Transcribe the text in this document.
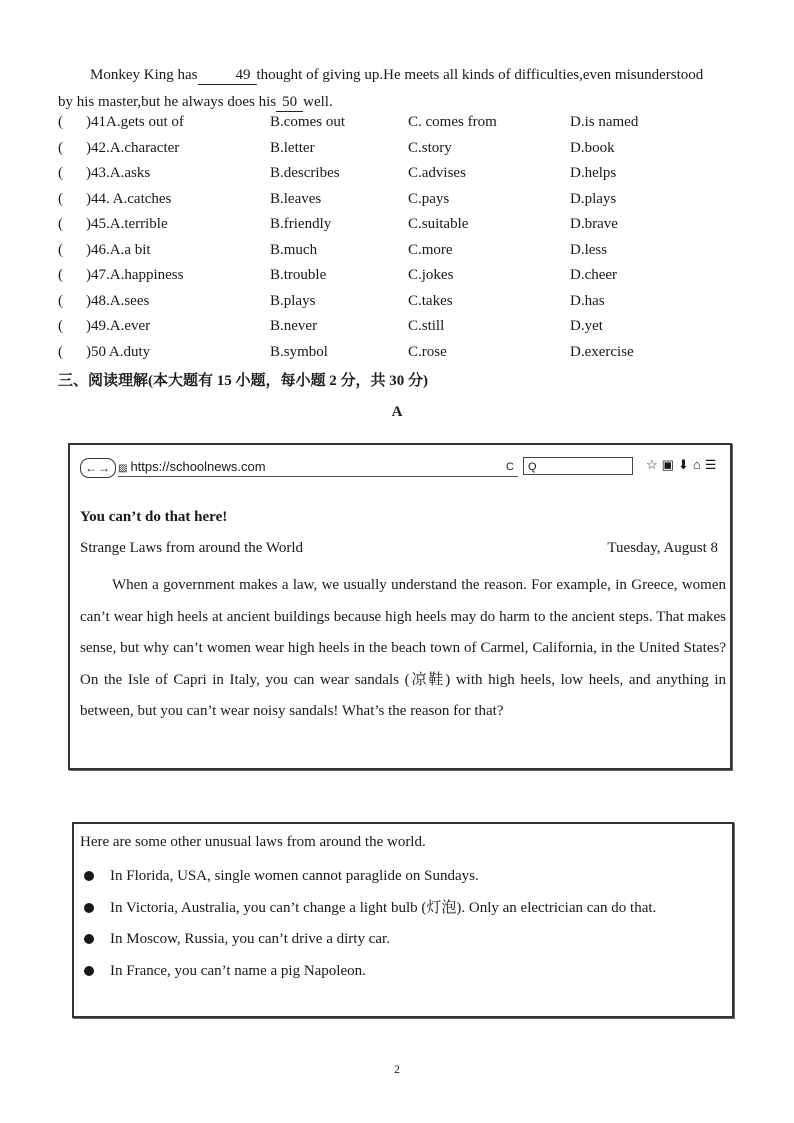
Monkey King has	49 thought of giving up.He meets all kinds of difficulties,even misunderstood

by his master,but he always does his 50 well.

( )41A.gets out of	B.comes out	C. comes from	D.is named
( )42.A.character	B.letter	C.story	D.book
( )43.A.asks	B.describes	C.advises	D.helps
( )44. A.catches	B.leaves	C.pays	D.plays
( )45.A.terrible	B.friendly	C.suitable	D.brave
( )46.A.a bit	B.much	C.more	D.less
( )47.A.happiness	B.trouble	C.jokes	D.cheer
( )48.A.sees	B.plays	C.takes	D.has
( )49.A.ever	B.never	C.still	D.yet
( )50 A.duty	B.symbol	C.rose	D.exercise
三、阅读理解(本大题有 15 小题，每小题 2 分，共 30 分)
A
←→ ▨ https://schoolnews.com	C	Q	☆▣⬇⌂☰

You can’t do that here!

Strange Laws from around the World	Tuesday, August 8

When a government makes a law, we usually understand the reason. For example, in Greece, women can’t wear high heels at ancient buildings because high heels may do harm to the ancient steps. That makes sense, but why can’t women wear high heels in the beach town of Carmel, California, in the United States? On the Isle of Capri in Italy, you can wear sandals (凉鞋) with high heels, low heels, and anything in between, but you can’t wear noisy sandals! What’s the reason for that?

Here are some other unusual laws from around the world.
In Florida, USA, single women cannot paraglide on Sundays.
In Victoria, Australia, you can’t change a light bulb (灯泡). Only an electrician can do that.
In Moscow, Russia, you can’t drive a dirty car.
In France, you can’t name a pig Napoleon.
2
